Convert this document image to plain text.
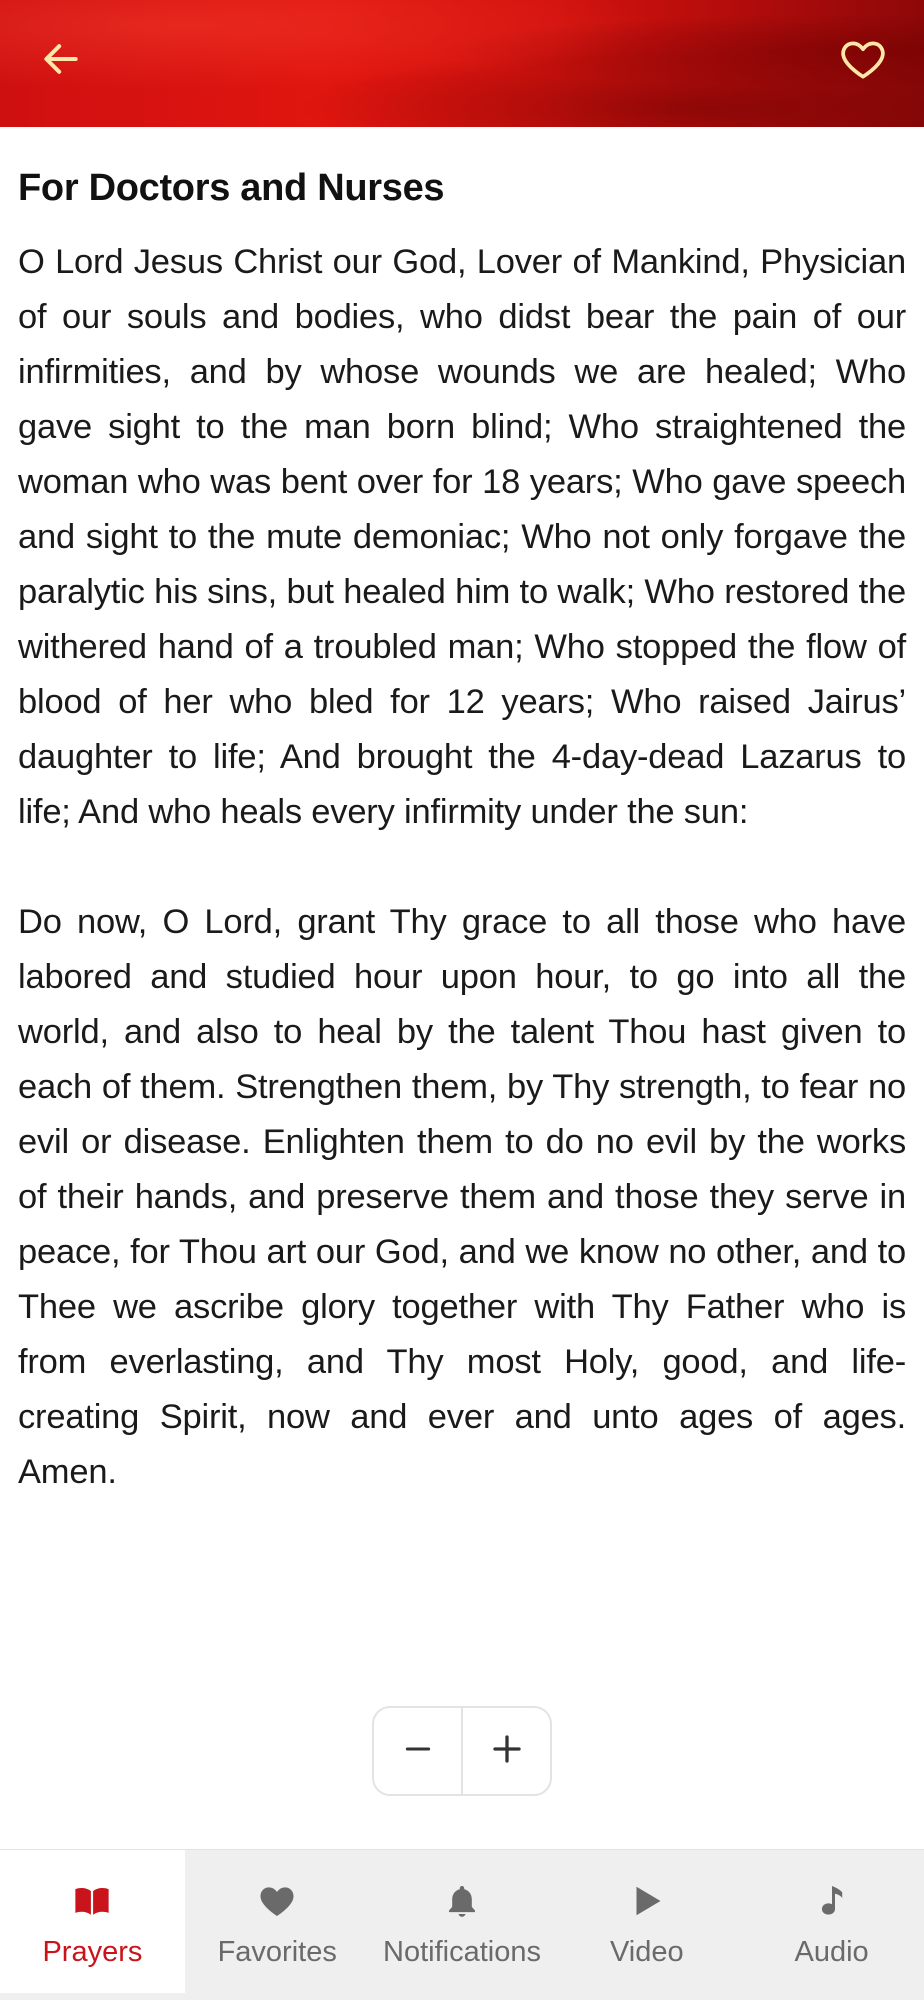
For Doctors and Nurses
O Lord Jesus Christ our God, Lover of Mankind, Physician of our souls and bodies, who didst bear the pain of our infirmities, and by whose wounds we are healed; Who gave sight to the man born blind; Who straightened the woman who was bent over for 18 years; Who gave speech and sight to the mute demoniac; Who not only forgave the paralytic his sins, but healed him to walk; Who restored the withered hand of a troubled man; Who stopped the flow of blood of her who bled for 12 years; Who raised Jairus’ daughter to life; And brought the 4-day-dead Lazarus to life; And who heals every infirmity under the sun:

Do now, O Lord, grant Thy grace to all those who have labored and studied hour upon hour, to go into all the world, and also to heal by the talent Thou hast given to each of them. Strengthen them, by Thy strength, to fear no evil or disease. Enlighten them to do no evil by the works of their hands, and preserve them and those they serve in peace, for Thou art our God, and we know no other, and to Thee we ascribe glory together with Thy Father who is from everlasting, and Thy most Holy, good, and life-creating Spirit, now and ever and unto ages of ages. Amen.
Prayers	Favorites Notifications Video	Audio
